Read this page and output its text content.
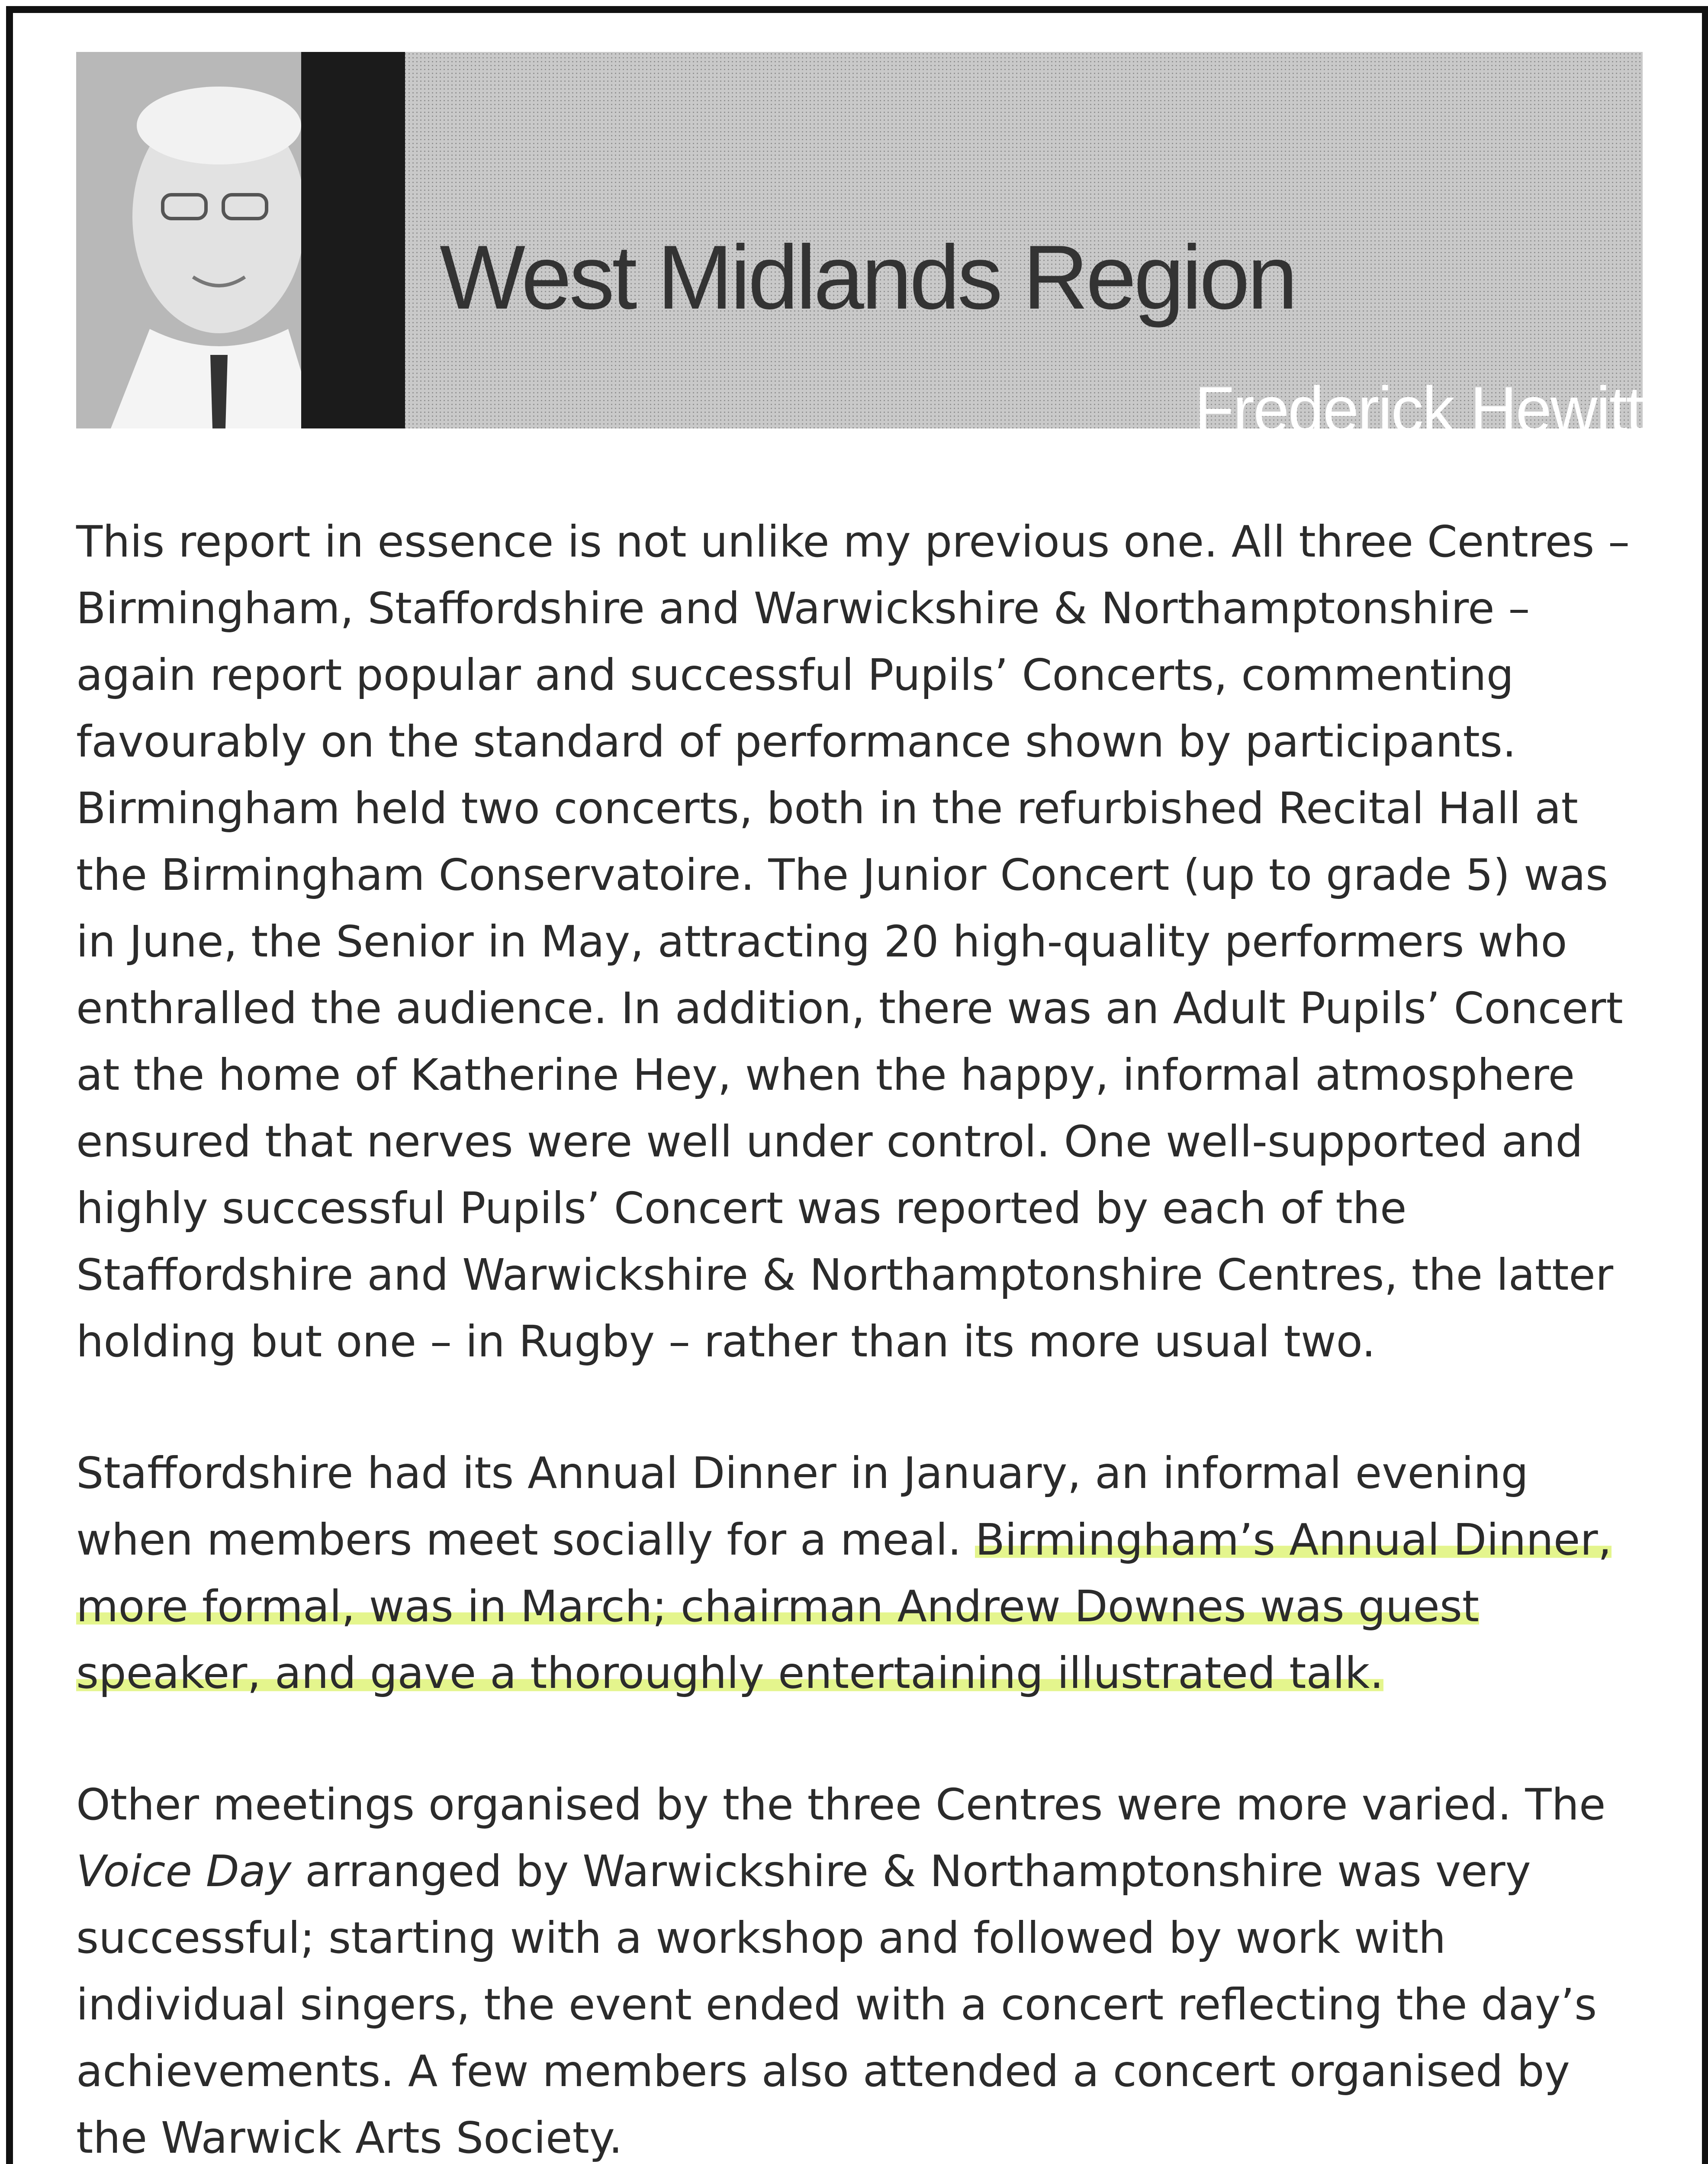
West Midlands Region
Frederick Hewitt

This report in essence is not unlike my previous one. All three Centres – Birmingham, Staffordshire and Warwickshire & Northamptonshire – again report popular and successful Pupils’ Concerts, commenting favourably on the standard of performance shown by participants. Birmingham held two concerts, both in the refurbished Recital Hall at the Birmingham Conservatoire. The Junior Concert (up to grade 5) was in June, the Senior in May, attracting 20 high-quality performers who enthralled the audience. In addition, there was an Adult Pupils’ Concert at the home of Katherine Hey, when the happy, informal atmosphere ensured that nerves were well under control. One well-supported and highly successful Pupils’ Concert was reported by each of the Staffordshire and Warwickshire & Northamptonshire Centres, the latter holding but one – in Rugby – rather than its more usual two.

Staffordshire had its Annual Dinner in January, an informal evening when members meet socially for a meal. Birmingham’s Annual Dinner, more formal, was in March; chairman Andrew Downes was guest speaker, and gave a thoroughly entertaining illustrated talk.

Other meetings organised by the three Centres were more varied. The Voice Day arranged by Warwickshire & Northamptonshire was very successful; starting with a workshop and followed by work with individual singers, the event ended with a concert reflecting the day’s achievements. A few members also attended a concert organised by the Warwick Arts Society.
